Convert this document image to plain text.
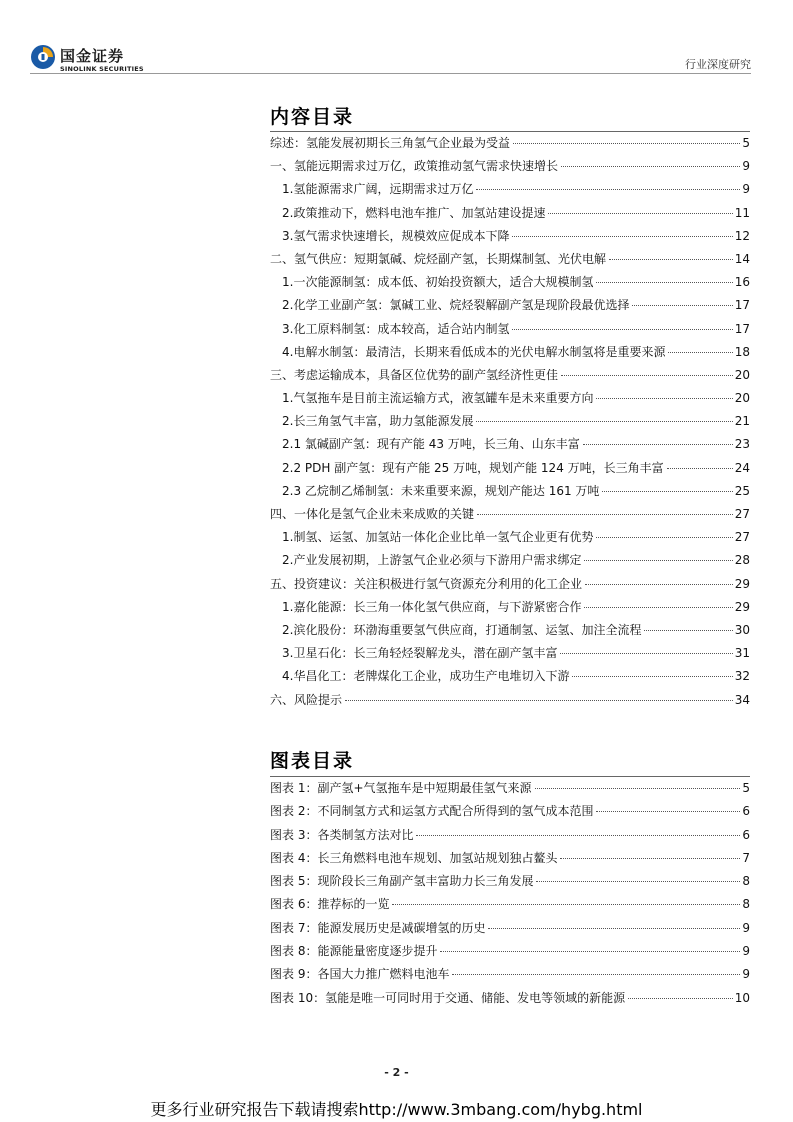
国金证券
SINOLINK SECURITIES	行业深度研究
内容目录
综述：氢能发展初期长三角氢气企业最为受益	5
一、氢能远期需求过万亿，政策推动氢气需求快速增长	9
1.氢能源需求广阔，远期需求过万亿	9
2.政策推动下，燃料电池车推广、加氢站建设提速	11
3.氢气需求快速增长，规模效应促成本下降	12
二、氢气供应：短期氯碱、烷烃副产氢，长期煤制氢、光伏电解	14
1.一次能源制氢：成本低、初始投资额大，适合大规模制氢	16
2.化学工业副产氢：氯碱工业、烷烃裂解副产氢是现阶段最优选择	17
3.化工原料制氢：成本较高，适合站内制氢	17
4.电解水制氢：最清洁，长期来看低成本的光伏电解水制氢将是重要来源	18
三、考虑运输成本，具备区位优势的副产氢经济性更佳	20
1.气氢拖车是目前主流运输方式，液氢罐车是未来重要方向	20
2.长三角氢气丰富，助力氢能源发展	21
2.1 氯碱副产氢：现有产能 43 万吨，长三角、山东丰富	23
2.2 PDH 副产氢：现有产能 25 万吨，规划产能 124 万吨，长三角丰富	24
2.3 乙烷制乙烯制氢：未来重要来源，规划产能达 161 万吨	25
四、一体化是氢气企业未来成败的关键	27
1.制氢、运氢、加氢站一体化企业比单一氢气企业更有优势	27
2.产业发展初期，上游氢气企业必须与下游用户需求绑定	28
五、投资建议：关注积极进行氢气资源充分利用的化工企业	29
1.嘉化能源：长三角一体化氢气供应商，与下游紧密合作	29
2.滨化股份：环渤海重要氢气供应商，打通制氢、运氢、加注全流程	30
3.卫星石化：长三角轻烃裂解龙头，潜在副产氢丰富	31
4.华昌化工：老牌煤化工企业，成功生产电堆切入下游	32
六、风险提示	34
图表目录
图表 1：副产氢+气氢拖车是中短期最佳氢气来源	5
图表 2：不同制氢方式和运氢方式配合所得到的氢气成本范围	6
图表 3：各类制氢方法对比	6
图表 4：长三角燃料电池车规划、加氢站规划独占鳌头	7
图表 5：现阶段长三角副产氢丰富助力长三角发展	8
图表 6：推荐标的一览	8
图表 7：能源发展历史是减碳增氢的历史	9
图表 8：能源能量密度逐步提升	9
图表 9：各国大力推广燃料电池车	9
图表 10：氢能是唯一可同时用于交通、储能、发电等领域的新能源	10
- 2 -
更多行业研究报告下载请搜索http://www.3mbang.com/hybg.html
